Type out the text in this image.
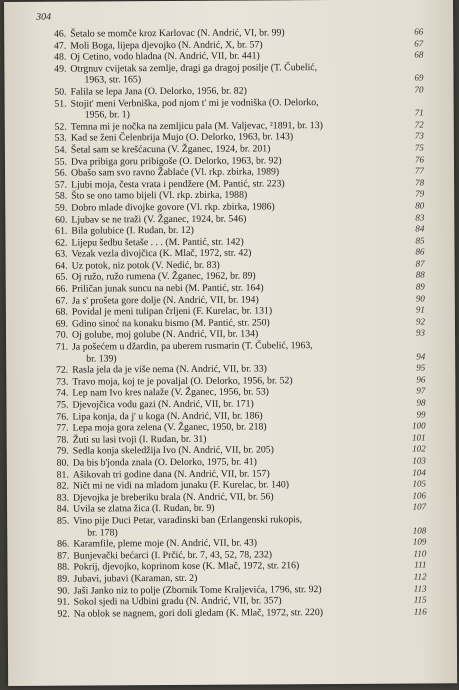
304
46. Šetalo se momče kroz Karlovac (N. Andrić, VI, br. 99)	66
47. Moli Boga, lijepa djevojko (N. Andrić, X, br. 57)	67
48. Oj Cetino, vodo hladna (N. Andrić, VII, br. 441)	68
49. Otrgnuv cvijetak sa zemlje, dragi ga dragoj posilje (T. Čubelić,
1963, str. 165)	69
50. Falila se lepa Jana (O. Delorko, 1956, br. 82)	70
51. Stojit' meni Verbniška, pod njom t' mi je vodniška (O. Delorko,
1956, br. 1)	71
52. Temna mi je nočka na zemljicu pala (M. Valjevac, ²1891, br. 13)	72
53. Kad se ženi Čelenbrija Mujo (O. Delorko, 1963, br. 143)	73
54. Šetal sam se krešćacuna (V. Žganec, 1924, br. 201)	75
55. Dva pribiga goru pribigoše (O. Delorko, 1963, br. 92)	76
56. Obašo sam svo ravno Žablaće (Vl. rkp. zbirka, 1989)	77
57. Ljubi moja, česta vrata i pendžere (M. Pantić, str. 223)	78
58. Što se ono tamo bijeli (Vl. rkp. zbirka, 1988)	79
59. Dobro mlade divojke govore (Vl. rkp. zbirka, 1986)	80
60. Ljubav se ne traži (V. Žganec, 1924, br. 546)	83
61. Bila golubice (I. Rudan, br. 12)	84
62. Lijepu šedbu šetaše . . . (M. Pantić, str. 142)	85
63. Vezak vezla divojčica (K. Mlač, 1972, str. 42)	86
64. Uz potok, niz potok (V. Nedić, br. 83)	87
65. Oj ružo, ružo rumena (V. Žganec, 1962, br. 89)	88
66. Priličan junak suncu na nebi (M. Pantić, str. 164)	89
67. Ja s' prošeta gore dolje (N. Andrić, VII, br. 194)	90
68. Povidal je meni tulipan črljeni (F. Kurelac, br. 131)	91
69. Gdino sinoć na konaku bismo (M. Pantić, str. 250)	92
70. Oj golube, moj golube (N. Andrić, VII, br. 134)	93
71. Ja pošećem u džardin, pa uberem rusmarin (T. Čubelić, 1963,
br. 139)	94
72. Rasla jela da je više nema (N. Andrić, VII, br. 33)	95
73. Travo moja, koj te je povaljal (O. Delorko, 1956, br. 52)	96
74. Lep nam Ivo kres nalaže (V. Žganec, 1956, br. 53)	97
75. Djevojčica vodu gazi (N. Andrić, VII, br. 171)	98
76. Lipa konja, da j' u koga (N. Andrić, VII, br. 186)	99
77. Lepa moja gora zelena (V. Žganec, 1950, br. 218)	100
78. Žuti su lasi tvoji (I. Rudan, br. 31)	101
79. Sedla konja skeledžija Ivo (N. Andrić, VII, br. 205)	102
80. Da bis b'jonda znala (O. Delorko, 1975, br. 41)	103
81. Ašikovah tri godine dana (N. Andrić, VII, br. 157)	104
82. Ničt mi ne vidi na mladom junaku (F. Kurelac, br. 140)	105
83. Djevojka je breberiku brala (N. Andrić, VII, br. 56)	106
84. Uvila se zlatna žica (I. Rudan, br. 9)	107
85. Vino pije Duci Petar, varadinski ban (Erlangenski rukopis,
br. 178)	108
86. Karamfile, pleme moje (N. Andrić, VII, br. 43)	109
87. Bunjevački bećarci (I. Prčić, br. 7, 43, 52, 78, 232)	110
88. Pokrij, djevojko, koprinom kose (K. Mlač, 1972, str. 216)	111
89. Jubavi, jubavi (Karaman, str. 2)	112
90. Jaši Janko niz to polje (Zbornik Tome Kraljevića, 1796, str. 92)	113
91. Sokol sjedi na Udbini gradu (N. Andrić, VII, br. 357)	115
92. Na oblok se nagnem, gori doli gledam (K. Mlač, 1972, str. 220)	116
